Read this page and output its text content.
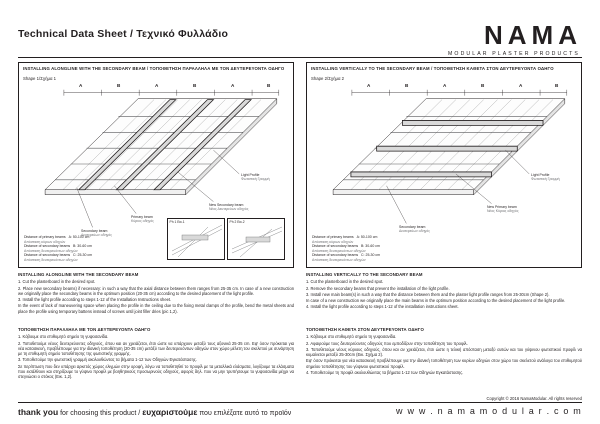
Technical Data Sheet / Τεχνικό Φυλλάδιο	NAMA
MODULAR PLASTER PRODUCTS
INSTALLING ALONGLINE WITH THE SECONDARY BEAM / ΤΟΠΟΘΕΤΗΣΗ ΠΑΡΑΛΛΗΛΑ ΜΕ ΤΟΝ ΔΕΥΤΕΡΕΥΟΝΤΑ ΟΔΗΓΟ
Shape 1/Σχήμα 1
A	B	A	B	A	B
Light Profile
Φωτιστική Γραμμή
New Secondary beam
Νέος Δευτερεύων οδηγός
Primary beam
Κύριος οδηγός
Secondary beam
Δευτερεύων οδηγός
Distance of primary beams A: 50-100 cm
Απόσταση κύριων οδηγών
Distance of secondary beams B: 30-60 cm
Απόσταση δευτερευόντων οδηγών
Distance of secondary beams C: 25-30 cm
Απόσταση δευτερευόντων οδηγών
Ph 1 Εικ.1	Ph 2 Εικ.2
INSTALLING VERTICALLY TO THE SECONDARY BEAM / ΤΟΠΟΘΕΤΗΣΗ ΚΑΘΕΤΑ ΣΤΟΝ ΔΕΥΤΕΡΕΥΟΝΤΑ ΟΔΗΓΟ
Shape 2/Σχήμα 2
A	B	A	B	A	B
Light Profile
Φωτιστική Γραμμή
New Primary beam
Νέος Κύριος οδηγός
Secondary beam
Δευτερεύων οδηγός
Distance of primary beams A: 50-100 cm
Απόσταση κύριων οδηγών
Distance of secondary beams B: 30-60 cm
Απόσταση δευτερευόντων οδηγών
Distance of secondary beams C: 25-30 cm
Απόσταση δευτερευόντων οδηγών
INSTALLING ALONGLINE WITH THE SECONDARY BEAM

1. Cut the plasterboard in the desired spot.

2. Place new secondary beams) if necessary: in such a way that the axial distance between them ranges from 25-35 cm. In case of a new construction we originally place the secondary beams in the optimum position (20-35 cm) according to the desired placement of the light profile.

3. Install the light profile according to steps 1-12 of the Installation Instructions sheet.

In the event of lack of maneuvering space when placing the profile in the ceiling due to the fixing metal clamps of the profile, bend the metal sheets and place the profile using temporary battens instead of screws until joint filler dries (pic 1,2).

ΤΟΠΟΘΕΤΗΣΗ ΠΑΡΑΛΛΗΛΑ ΜΕ ΤΟΝ ΔΕΥΤΕΡΕΥΟΝΤΑ ΟΔΗΓΟ

1. Κόβουμε στο επιθυμητό σημείο τη γυψοσανίδα.

2. Τοποθετούμε νέους δευτερεύοντες οδηγούς, όπου και αν χρειάζεται, έτσι ώστε να υπάρχουν μεταξύ τους αξονικά 25-35 cm. Εφ' όσον πρόκειται για νέα κατασκευή, προβλέπουμε για την ιδανική τοποθέτηση (20-35 cm) μετάξύ των δευτερευόντων οδηγών στον χώρο μέλετη του σκελετού με συνάρτηση με τη επιθυμητή σημείο τοποθέτησης της φωτιστικής γραμμής.

3. Τοποθετούμε την φωτιστική γραμμή ακολουθώντας τα βήματα 1-12 των Οδηγιών Εγκατάστασης.

Σε περίπτωση που δεν υπάρχει αρκετός χώρος ελιγμών στην οροφή, λόγω να τοποθετηθεί το προφίλ με τα μεταλλικά ελάσματα, λυγίζουμε τα ελάσματα που εισάλθουν και στηρίζουμε το γύψινο προφίλ με βοηθητικούς προσωρινούς οδηγούς, αφορίς δηλ. που να μην τρυπήσουμε το γυψοσανίδα μέχρι να στεγνώσει ο στόκος (Εικ. 1,2).

INSTALLING VERTICALLY TO THE SECONDARY BEAM

1. Cut the plasterboard in the desired spot.

2. Remove the secondary beams that prevent the installation of the light profile.

3. Install new main beam(s) in such a way that the distance between them and the plaster light profile ranges from 25-30cm (Shape 2).

In case of a new construction we originally place the main beams in the optimum position according to the desired placement of the light profile.

4. Install the light profile according to steps 1-12 of the installation instructions sheet.

ΤΟΠΟΘΕΤΗΣΗ ΚΑΘΕΤΑ ΣΤΟΝ ΔΕΥΤΕΡΕΥΟΝΤΑ ΟΔΗΓΟ

1. Κόβουμε στο επιθυμητό σημείο τη γυψοσανίδα.

2. Αφαιρούμε τους δευτερεύοντες οδηγούς που εμποδίζουν στην τοποθέτηση του προφίλ.

3. Τοποθετούμε νέους κύριους οδηγούς, όπου και αν χρειάζεται, έτσι ώστε η τελική απόσταση μεταξύ αυτών και του γύψινου φωτιστικού προφίλ να κυμαίνεται μεταξύ 25-30cm (Εικ. Σχήμα 2).

Εφ' όσον πρόκειται για νέα κατασκευή προβλέπουμε για την ιδανική τοποθέτηση των κυρίων οδηγών στον χώρο του σκελετού ανάλογα του επιθυμητού σημείου τοποθέτησης του γύψινου φωτιστικού προφίλ.

4. Τοποθετούμε τη προφίλ ακολουθώντας τα βήματα 1-12 των Οδηγιών Εγκατάστασης.

Copyright © 2016 NamaModular. All rights reserved
thank you for choosing this product / ευχαριστούμε που επιλέξατε αυτό το προϊόν	w w w . n a m a m o d u l a r . c o m
